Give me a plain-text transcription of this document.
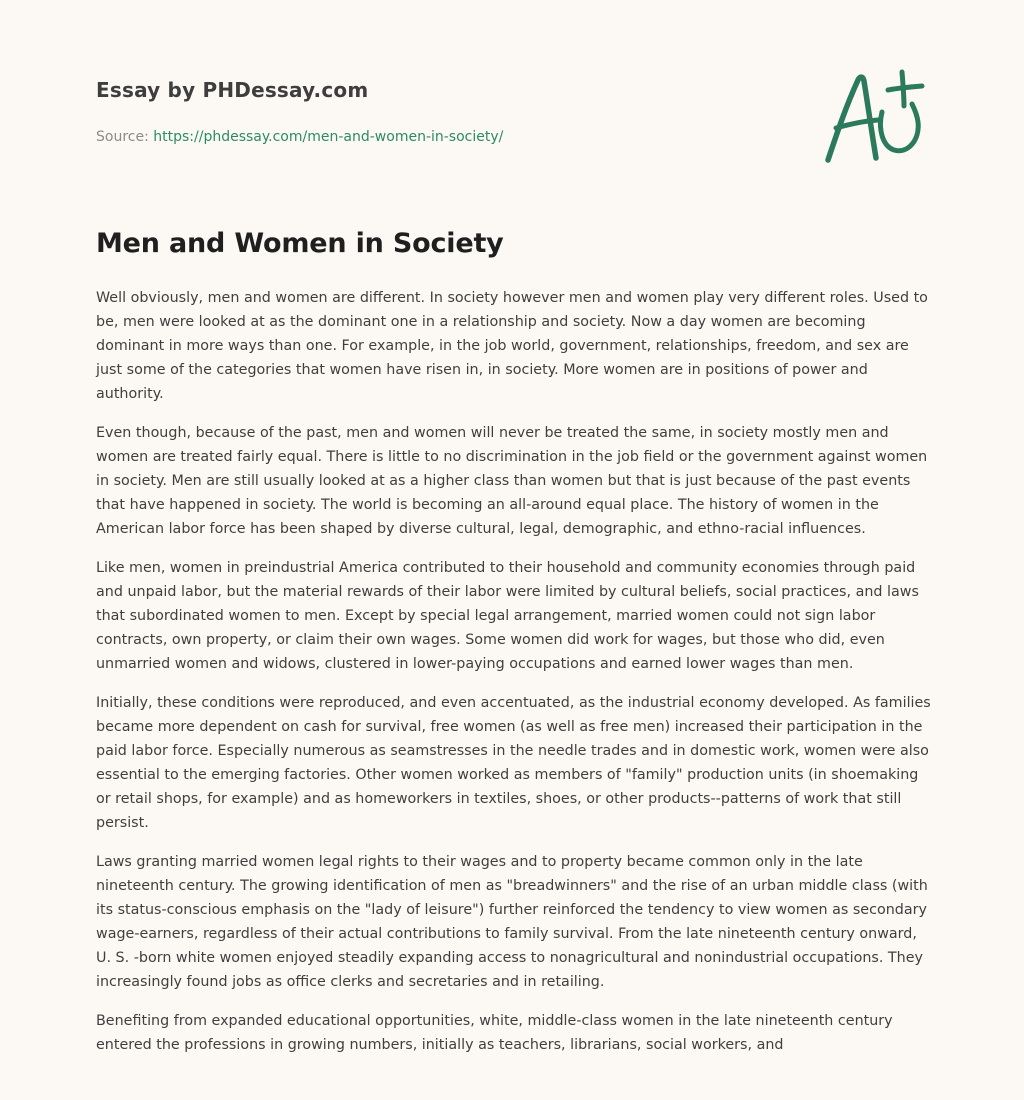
Essay by PHDessay.com
Source: https://phdessay.com/men-and-women-in-society/
Men and Women in Society

Well obviously, men and women are different. In society however men and women play very different roles. Used to be, men were looked at as the dominant one in a relationship and society. Now a day women are becoming dominant in more ways than one. For example, in the job world, government, relationships, freedom, and sex are just some of the categories that women have risen in, in society. More women are in positions of power and authority.

Even though, because of the past, men and women will never be treated the same, in society mostly men and women are treated fairly equal. There is little to no discrimination in the job field or the government against women in society. Men are still usually looked at as a higher class than women but that is just because of the past events that have happened in society. The world is becoming an all-around equal place. The history of women in the American labor force has been shaped by diverse cultural, legal, demographic, and ethno-racial influences.

Like men, women in preindustrial America contributed to their household and community economies through paid and unpaid labor, but the material rewards of their labor were limited by cultural beliefs, social practices, and laws that subordinated women to men. Except by special legal arrangement, married women could not sign labor contracts, own property, or claim their own wages. Some women did work for wages, but those who did, even unmarried women and widows, clustered in lower-paying occupations and earned lower wages than men.

Initially, these conditions were reproduced, and even accentuated, as the industrial economy developed. As families became more dependent on cash for survival, free women (as well as free men) increased their participation in the paid labor force. Especially numerous as seamstresses in the needle trades and in domestic work, women were also essential to the emerging factories. Other women worked as members of "family" production units (in shoemaking or retail shops, for example) and as homeworkers in textiles, shoes, or other products--patterns of work that still persist.

Laws granting married women legal rights to their wages and to property became common only in the late nineteenth century. The growing identification of men as "breadwinners" and the rise of an urban middle class (with its status-conscious emphasis on the "lady of leisure") further reinforced the tendency to view women as secondary wage-earners, regardless of their actual contributions to family survival. From the late nineteenth century onward, U. S. -born white women enjoyed steadily expanding access to nonagricultural and nonindustrial occupations. They increasingly found jobs as office clerks and secretaries and in retailing.

Benefiting from expanded educational opportunities, white, middle-class women in the late nineteenth century entered the professions in growing numbers, initially as teachers, librarians, social workers, and
